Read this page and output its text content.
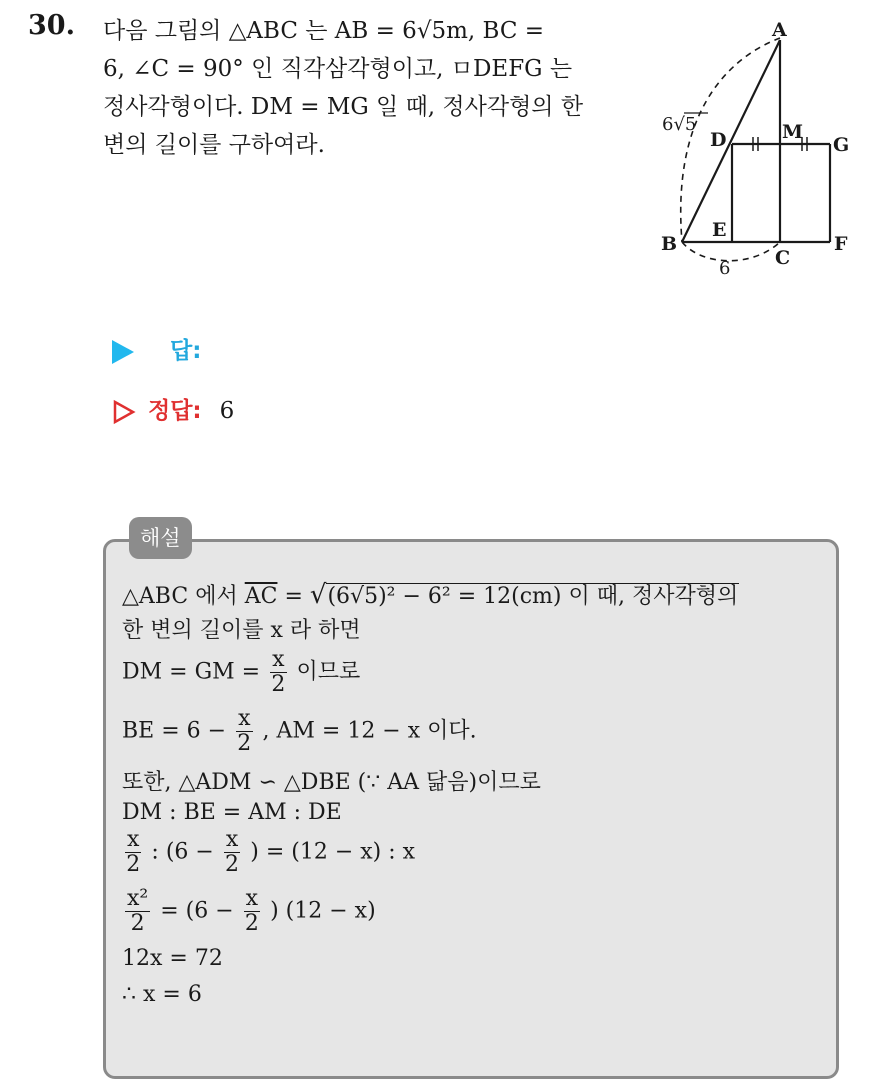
30. 다음 그림의 △ABC 는 AB = 6√5m, BC =
6, ∠C = 90° 인 직각삼각형이고, ㅁDEFG 는
정사각형이다. DM = MG 일 때, 정사각형의 한
변의 길이를 구하여라.
A
B
C
D
E
F
G
M
6√5
6
답:
정답: 6
해설
△ABC 에서 $\overline{AC} = √(6√5)^2 - 6^2 = 12(cm)$ 이 때, 정사각형의
한 변의 길이를 x 라 하면
DM = GM = $\frac{x}{2}$ 이므로
BE = $6 - \frac{x}{2}$ , AM = 12 − x 이다.
또한, △ADM ∽ △DBE (∵ AA 닮음)이므로
DM : BE = AM : DE
$\frac{x}{2}$ : ($6 - \frac{x}{2}$ ) = (12 − x) : x
$\frac{\text{x²}}{2} = (6 - \frac{x}{2}$ ) (12 − x)
12x = 72
∴ x = 6
